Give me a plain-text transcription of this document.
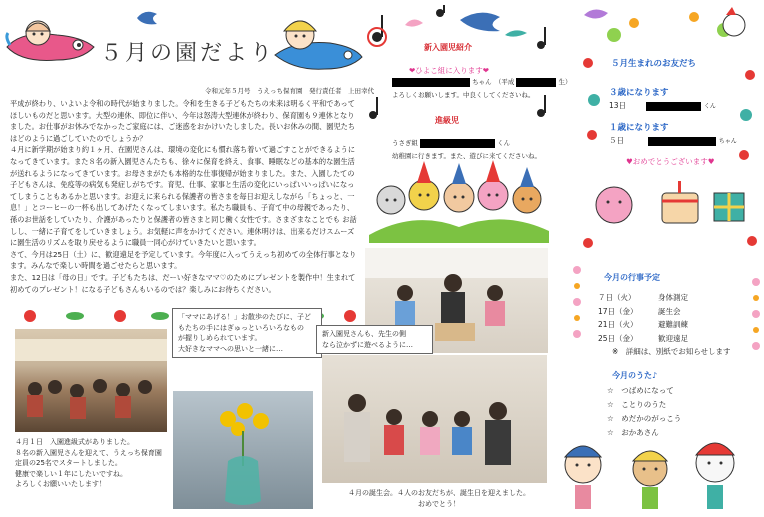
５月の園だより
令和元年５月号　うえっち保育園　発行責任者　上田幸代

平成が終わり、いよいよ令和の時代が始まりました。令和を生きる子どもたちの未来は明るく平和であってほしいものだと思います。大型の連休、即位に伴い、今年は怒涛大型連休が終わり、保育園も９連休となりました。お仕事がお休みでなかったご家庭には、ご迷惑をおかけいたしました。長いお休みの間、園児たちはどのように過ごしていたのでしょうか？

４月に新学期が始まり約１ヶ月、在園児さんは、環境の変化にも慣れ落ち着いて過ごすことができるようになってきています。また８名の新入園児さんたちも、徐々に保育を終え、食事、睡眠などの基本的な園生活が送れるようになってきています。お母さまがたも本格的な仕事復帰が始まりました。また、入園したての子どもさんは、免疫等の病気も発症しがちです。育児、仕事、家事と生活の変化にいっぱいいっぱいになってしまうこともあるかと思います。お迎えに来られる保護者の皆さまを毎日お迎えしながら「ちょっと、一息！」とコーヒーの一杯も出してあげたくなってしまいます。私たち職員も、子育て中の母親であったり、孫のお世話をしていたり、介護があったりと保護者の皆さまと同じ働く女性です。さまざまなことでも お話しし、一緒に子育てをしていきましょう。お気軽に声をかけてください。連休明けは、出来るだけスムーズに園生活のリズムを取り戻せるように職員一同心がけていきたいと思います。

さて、今月は25日（土）に、歓迎遠足を予定しています。今年度に入ってうえっち初めての全体行事となります。みんなで楽しい時間を過ごせたらと思います。

また、12日は「母の日」です。子どもたちは、だーい好きなママ♡のためにプレゼントを製作中！生まれて初めてのプレゼント！になる子どもさんもいるのでは？楽しみにお待ちください。

４月１日　入園進級式がありました。
８名の新入園児さんを迎えて、うえっち保育園
定員の25名でスタートしました。
健康で楽しい１年にしたいですね。
よろしくお願いいたします！
「ママにあげる！」お散歩のたびに、子ど
もたちの手にはぎゅっといろいろなもの
が握りしめられています。
大好きなママへの思いと一緒に…
新入園児さんも、先生の側
なら泣かずに遊べるように…
４月の誕生会。４人のお友だちが、誕生日を迎えました。
おめでとう！
新入園児紹介
❤ひよこ組に入ります❤
ちゃん　（平成	生）
よろしくお願いします。中良くしてくださいね。
進級児
うさぎ組	くん
幼稚園に行きます。また、遊びに来てくださいね。
５月生まれのお友だち
３歳になります
13日	くん
１歳になります
５日	ちゃん
♥おめでとうございます♥
今月の行事予定
７日（火）	身体測定
17日（金）	誕生会
21日（火）	避難訓練
25日（金）	歓迎遠足
※　詳細は、別紙でお知らせします
今月のうた♪
☆　つばめになって
☆　ことりのうた
☆　めだかのがっこう
☆　おかあさん
